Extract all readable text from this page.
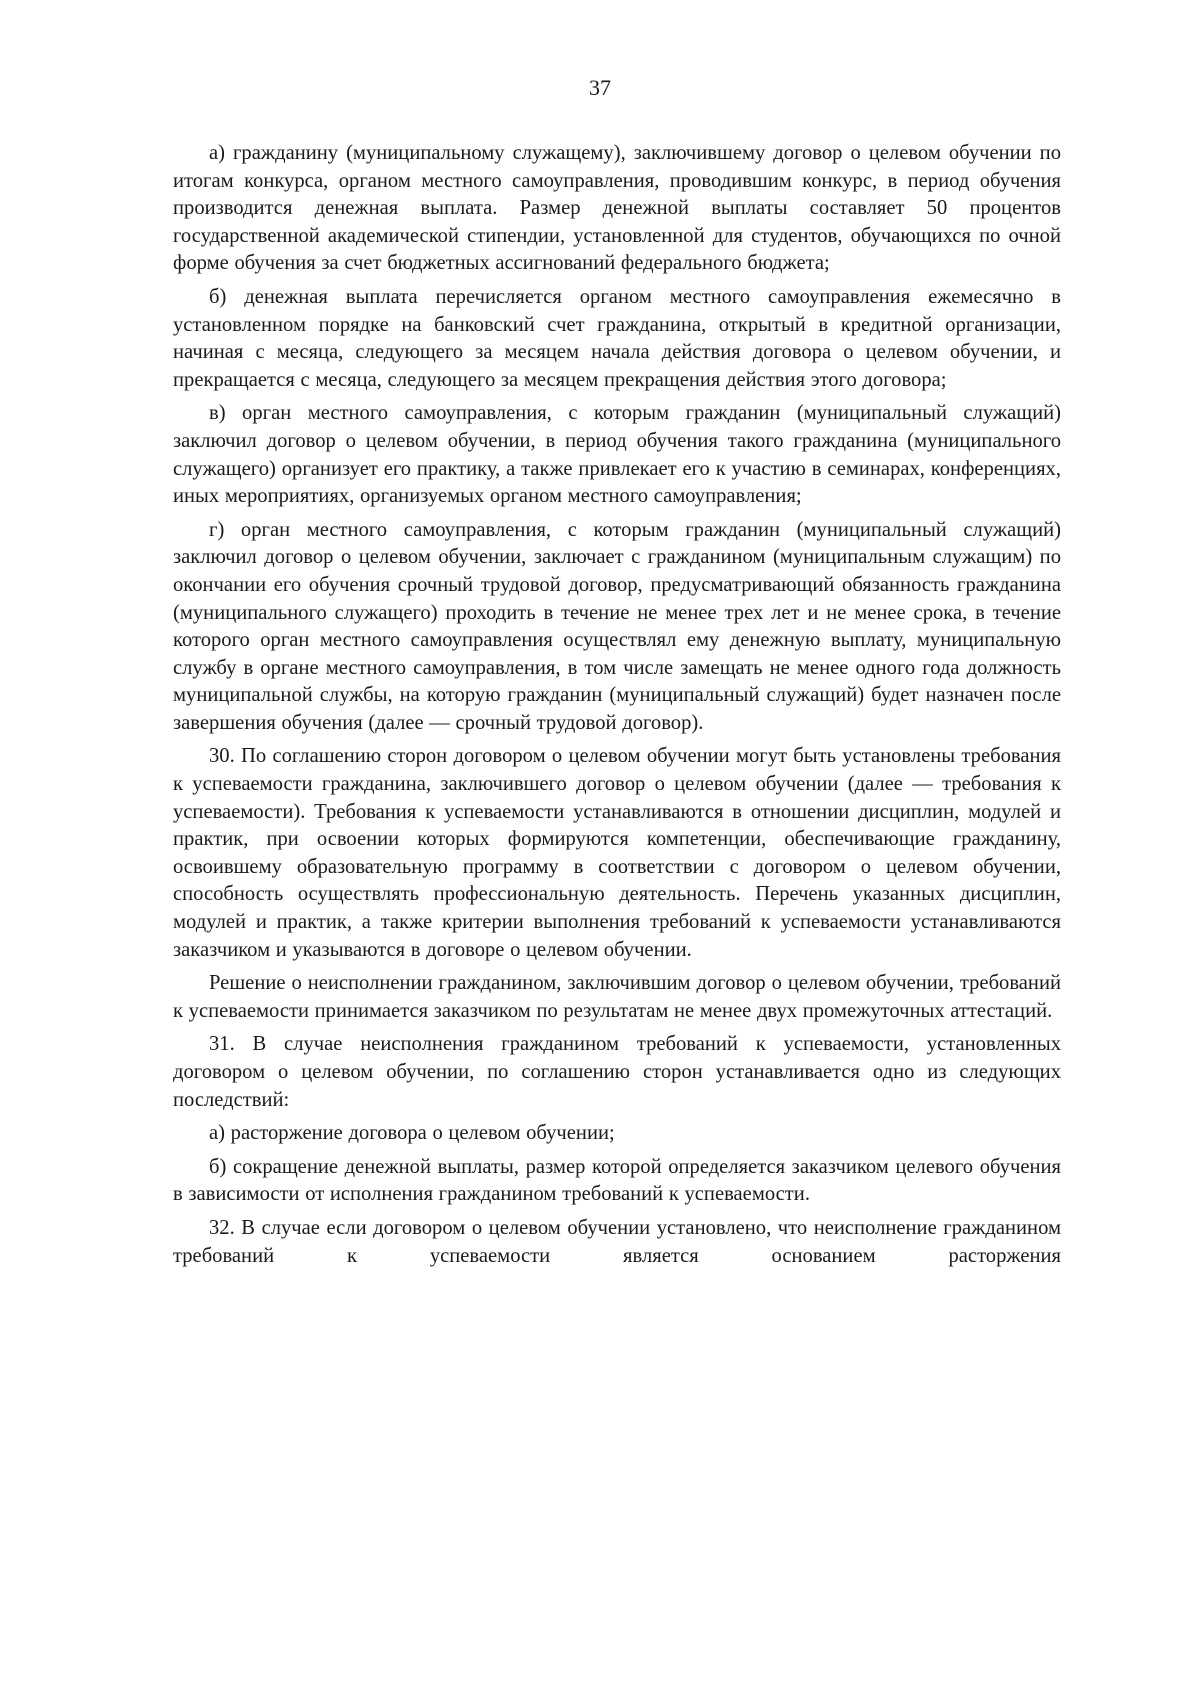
37

а) гражданину (муниципальному служащему), заключившему договор о целевом обучении по итогам конкурса, органом местного самоуправления, проводившим конкурс, в период обучения производится денежная выплата. Размер денежной выплаты составляет 50 процентов государственной академической стипендии, установленной для студентов, обучающихся по очной форме обучения за счет бюджетных ассигнований федерального бюджета;

б) денежная выплата перечисляется органом местного самоуправления ежемесячно в установленном порядке на банковский счет гражданина, открытый в кредитной организации, начиная с месяца, следующего за месяцем начала действия договора о целевом обучении, и прекращается с месяца, следующего за месяцем прекращения действия этого договора;

в) орган местного самоуправления, с которым гражданин (муниципальный служащий) заключил договор о целевом обучении, в период обучения такого гражданина (муниципального служащего) организует его практику, а также привлекает его к участию в семинарах, конференциях, иных мероприятиях, организуемых органом местного самоуправления;

г) орган местного самоуправления, с которым гражданин (муниципальный служащий) заключил договор о целевом обучении, заключает с гражданином (муниципальным служащим) по окончании его обучения срочный трудовой договор, предусматривающий обязанность гражданина (муниципального служащего) проходить в течение не менее трех лет и не менее срока, в течение которого орган местного самоуправления осуществлял ему денежную выплату, муниципальную службу в органе местного самоуправления, в том числе замещать не менее одного года должность муниципальной службы, на которую гражданин (муниципальный служащий) будет назначен после завершения обучения (далее — срочный трудовой договор).

30. По соглашению сторон договором о целевом обучении могут быть установлены требования к успеваемости гражданина, заключившего договор о целевом обучении (далее — требования к успеваемости). Требования к успеваемости устанавливаются в отношении дисциплин, модулей и практик, при освоении которых формируются компетенции, обеспечивающие гражданину, освоившему образовательную программу в соответствии с договором о целевом обучении, способность осуществлять профессиональную деятельность. Перечень указанных дисциплин, модулей и практик, а также критерии выполнения требований к успеваемости устанавливаются заказчиком и указываются в договоре о целевом обучении.

Решение о неисполнении гражданином, заключившим договор о целевом обучении, требований к успеваемости принимается заказчиком по результатам не менее двух промежуточных аттестаций.

31. В случае неисполнения гражданином требований к успеваемости, установленных договором о целевом обучении, по соглашению сторон устанавливается одно из следующих последствий:

а) расторжение договора о целевом обучении;

б) сокращение денежной выплаты, размер которой определяется заказчиком целевого обучения в зависимости от исполнения гражданином требований к успеваемости.

32. В случае если договором о целевом обучении установлено, что неисполнение гражданином требований к успеваемости является основанием расторжения
